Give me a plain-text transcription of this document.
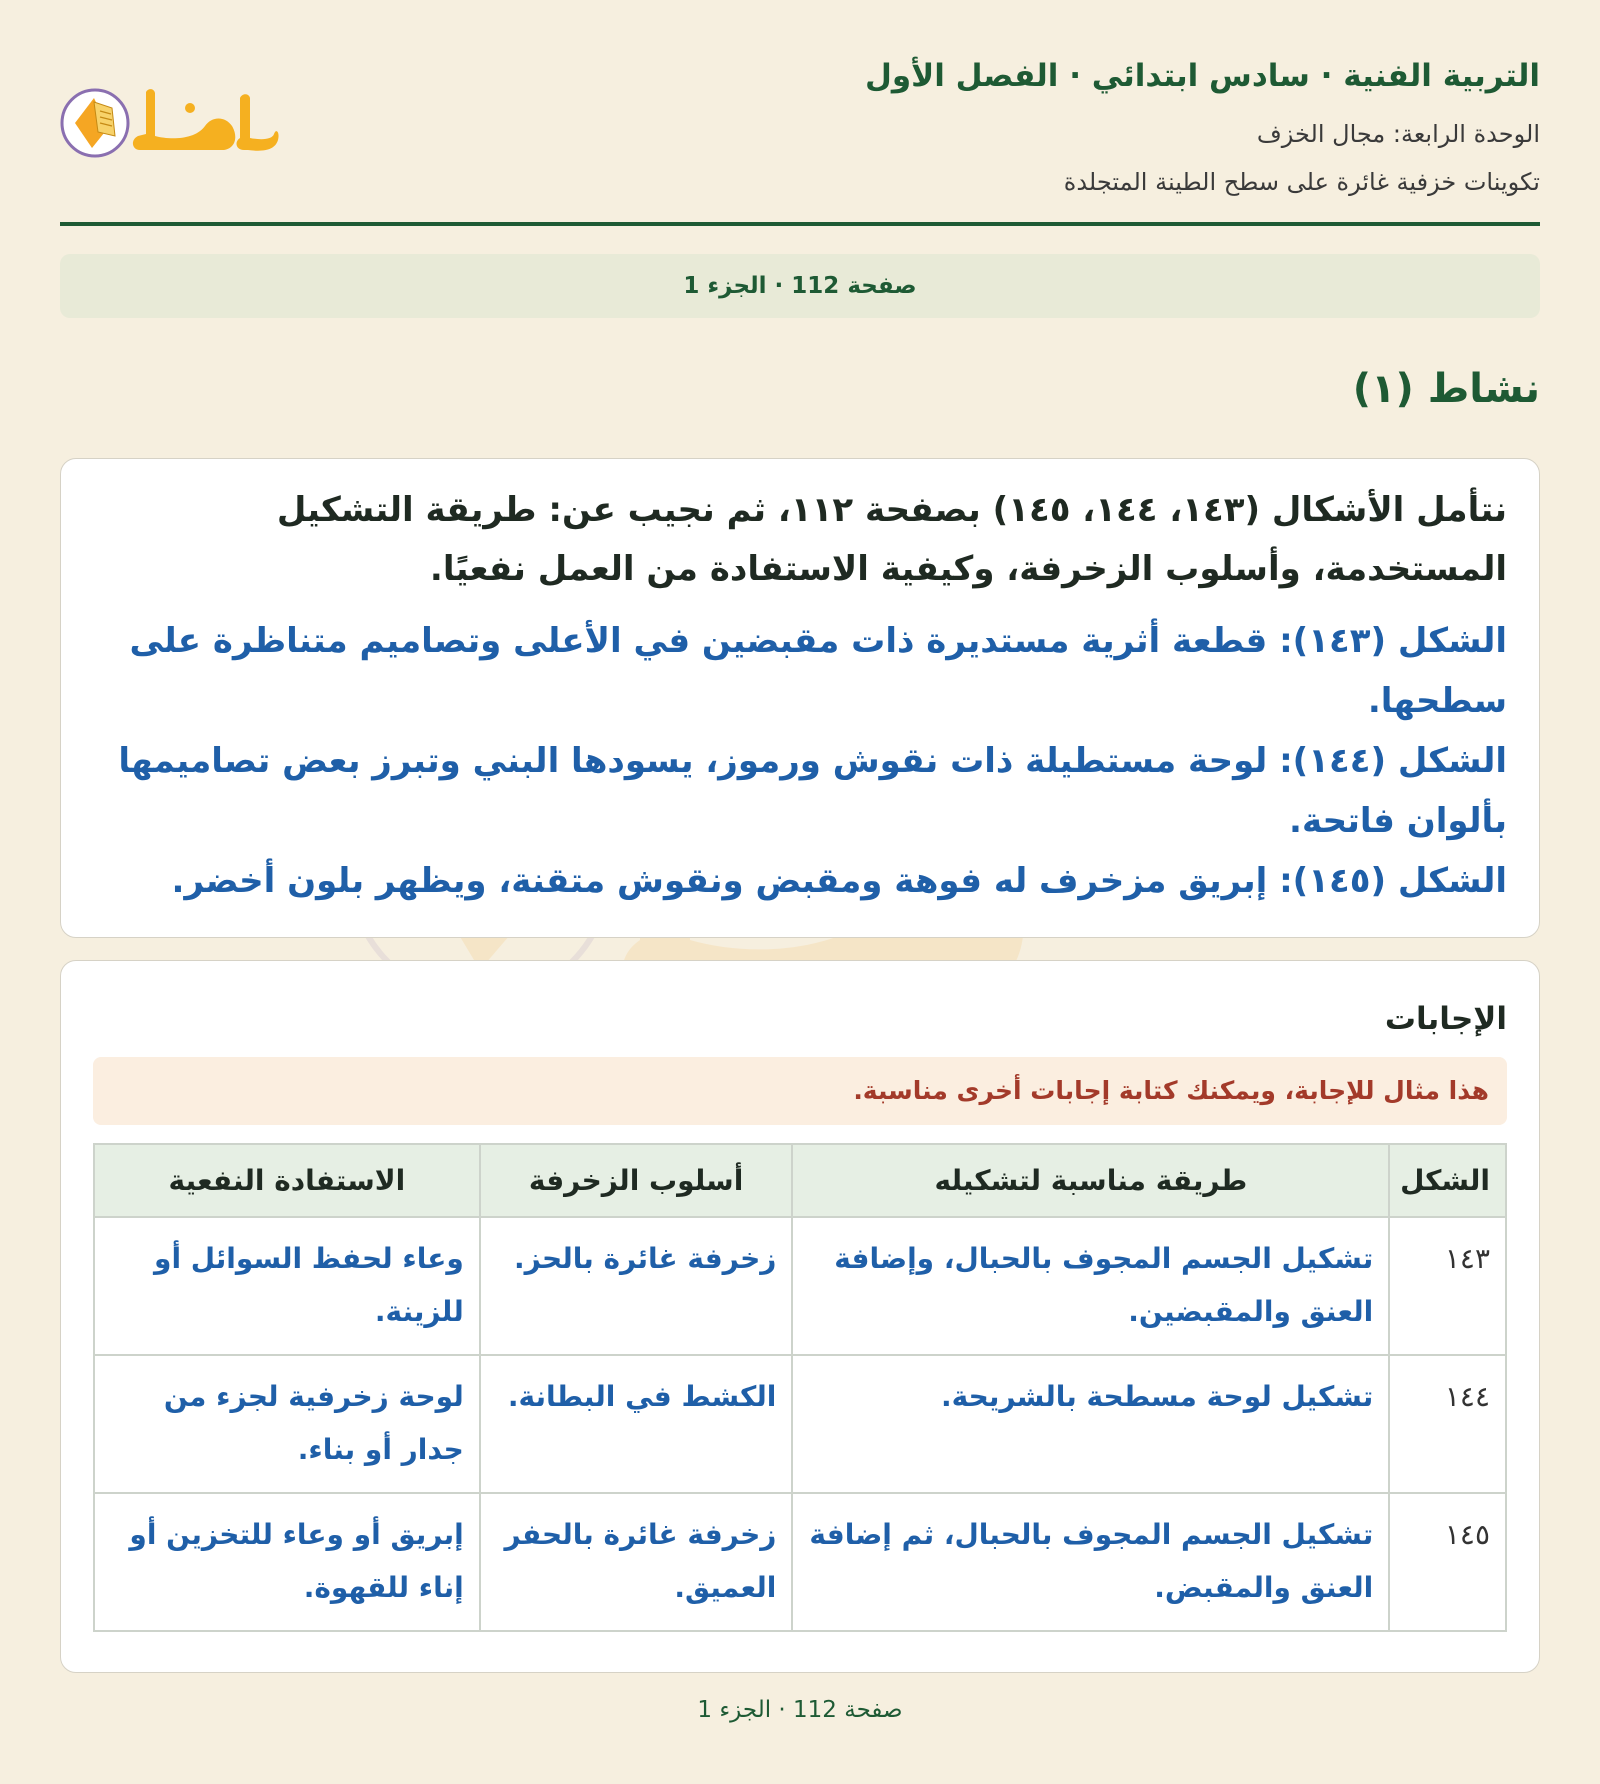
التربية الفنية · سادس ابتدائي · الفصل الأول

الوحدة الرابعة: مجال الخزف

تكوينات خزفية غائرة على سطح الطينة المتجلدة

صفحة 112 · الجزء 1
نشاط (١)

نتأمل الأشكال (١٤٣، ١٤٤، ١٤٥) بصفحة ١١٢، ثم نجيب عن: طريقة التشكيل المستخدمة، وأسلوب الزخرفة، وكيفية الاستفادة من العمل نفعيًا.

الشكل (١٤٣): قطعة أثرية مستديرة ذات مقبضين في الأعلى وتصاميم متناظرة على سطحها.

الشكل (١٤٤): لوحة مستطيلة ذات نقوش ورموز، يسودها البني وتبرز بعض تصاميمها بألوان فاتحة.

الشكل (١٤٥): إبريق مزخرف له فوهة ومقبض ونقوش متقنة، ويظهر بلون أخضر.

الإجابات
هذا مثال للإجابة، ويمكنك كتابة إجابات أخرى مناسبة.
الشكل	طريقة مناسبة لتشكيله	أسلوب الزخرفة	الاستفادة النفعية
١٤٣	تشكيل الجسم المجوف بالحبال، وإضافة العنق والمقبضين.	زخرفة غائرة بالحز.	وعاء لحفظ السوائل أو للزينة.
١٤٤	تشكيل لوحة مسطحة بالشريحة.	الكشط في البطانة.	لوحة زخرفية لجزء من جدار أو بناء.
١٤٥	تشكيل الجسم المجوف بالحبال، ثم إضافة العنق والمقبض.	زخرفة غائرة بالحفر العميق.	إبريق أو وعاء للتخزين أو إناء للقهوة.
صفحة 112 · الجزء 1
